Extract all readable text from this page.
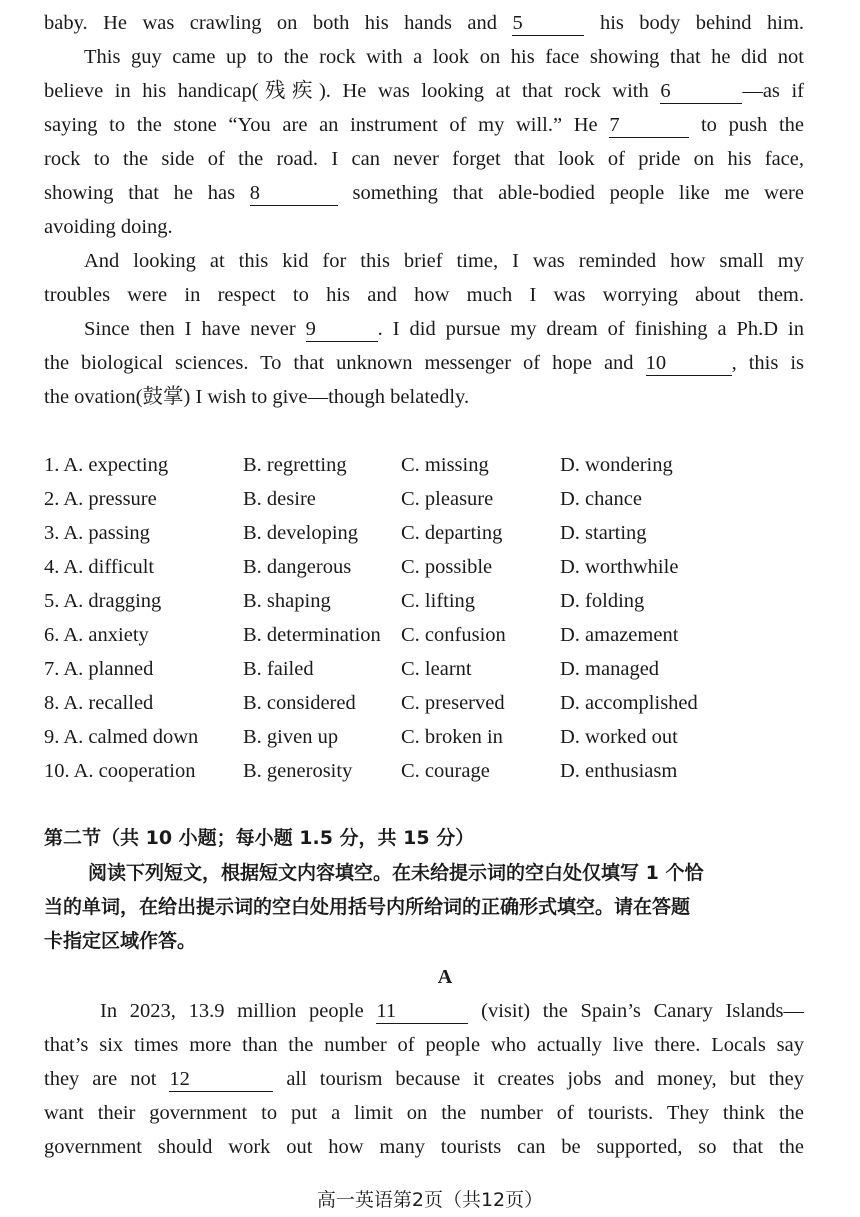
baby. He was crawling on both his hands and 5	his body behind him.
This guy came up to the rock with a look on his face showing that he did not
believe in his handicap(残疾). He was looking at that rock with 6	—as if
saying to the stone “You are an instrument of my will.” He 7	to push the
rock to the side of the road. I can never forget that look of pride on his face,
showing that he has 8	something that able-bodied people like me were
avoiding doing.
And looking at this kid for this brief time, I was reminded how small my
troubles were in respect to his and how much I was worrying about them.
Since then I have never 9	. I did pursue my dream of finishing a Ph.D in
the biological sciences. To that unknown messenger of hope and 10	, this is
the ovation(鼓掌) I wish to give—though belatedly.
1. A. expecting	B. regretting	C. missing	D. wondering
2. A. pressure	B. desire	C. pleasure	D. chance
3. A. passing	B. developing C. departing	D. starting
4. A. difficult	B. dangerous C. possible	D. worthwhile
5. A. dragging	B. shaping	C. lifting	D. folding
6. A. anxiety	B. determination C. confusion	D. amazement
7. A. planned	B. failed	C. learnt	D. managed
8. A. recalled	B. considered C. preserved	D. accomplished
9. A. calmed down B. given up	C. broken in	D. worked out
10. A. cooperation B. generosity C. courage	D. enthusiasm
第二节（共 10 小题；每小题 1.5 分，共 15 分）
阅读下列短文，根据短文内容填空。在未给提示词的空白处仅填写 1 个恰
当的单词，在给出提示词的空白处用括号内所给词的正确形式填空。请在答题
卡指定区域作答。
A
In 2023, 13.9 million people 11	(visit) the Spain’s Canary Islands—
that’s six times more than the number of people who actually live there. Locals say
they are not 12	all tourism because it creates jobs and money, but they
want their government to put a limit on the number of tourists. They think the
government should work out how many tourists can be supported, so that the
高一英语第2页（共12页）
